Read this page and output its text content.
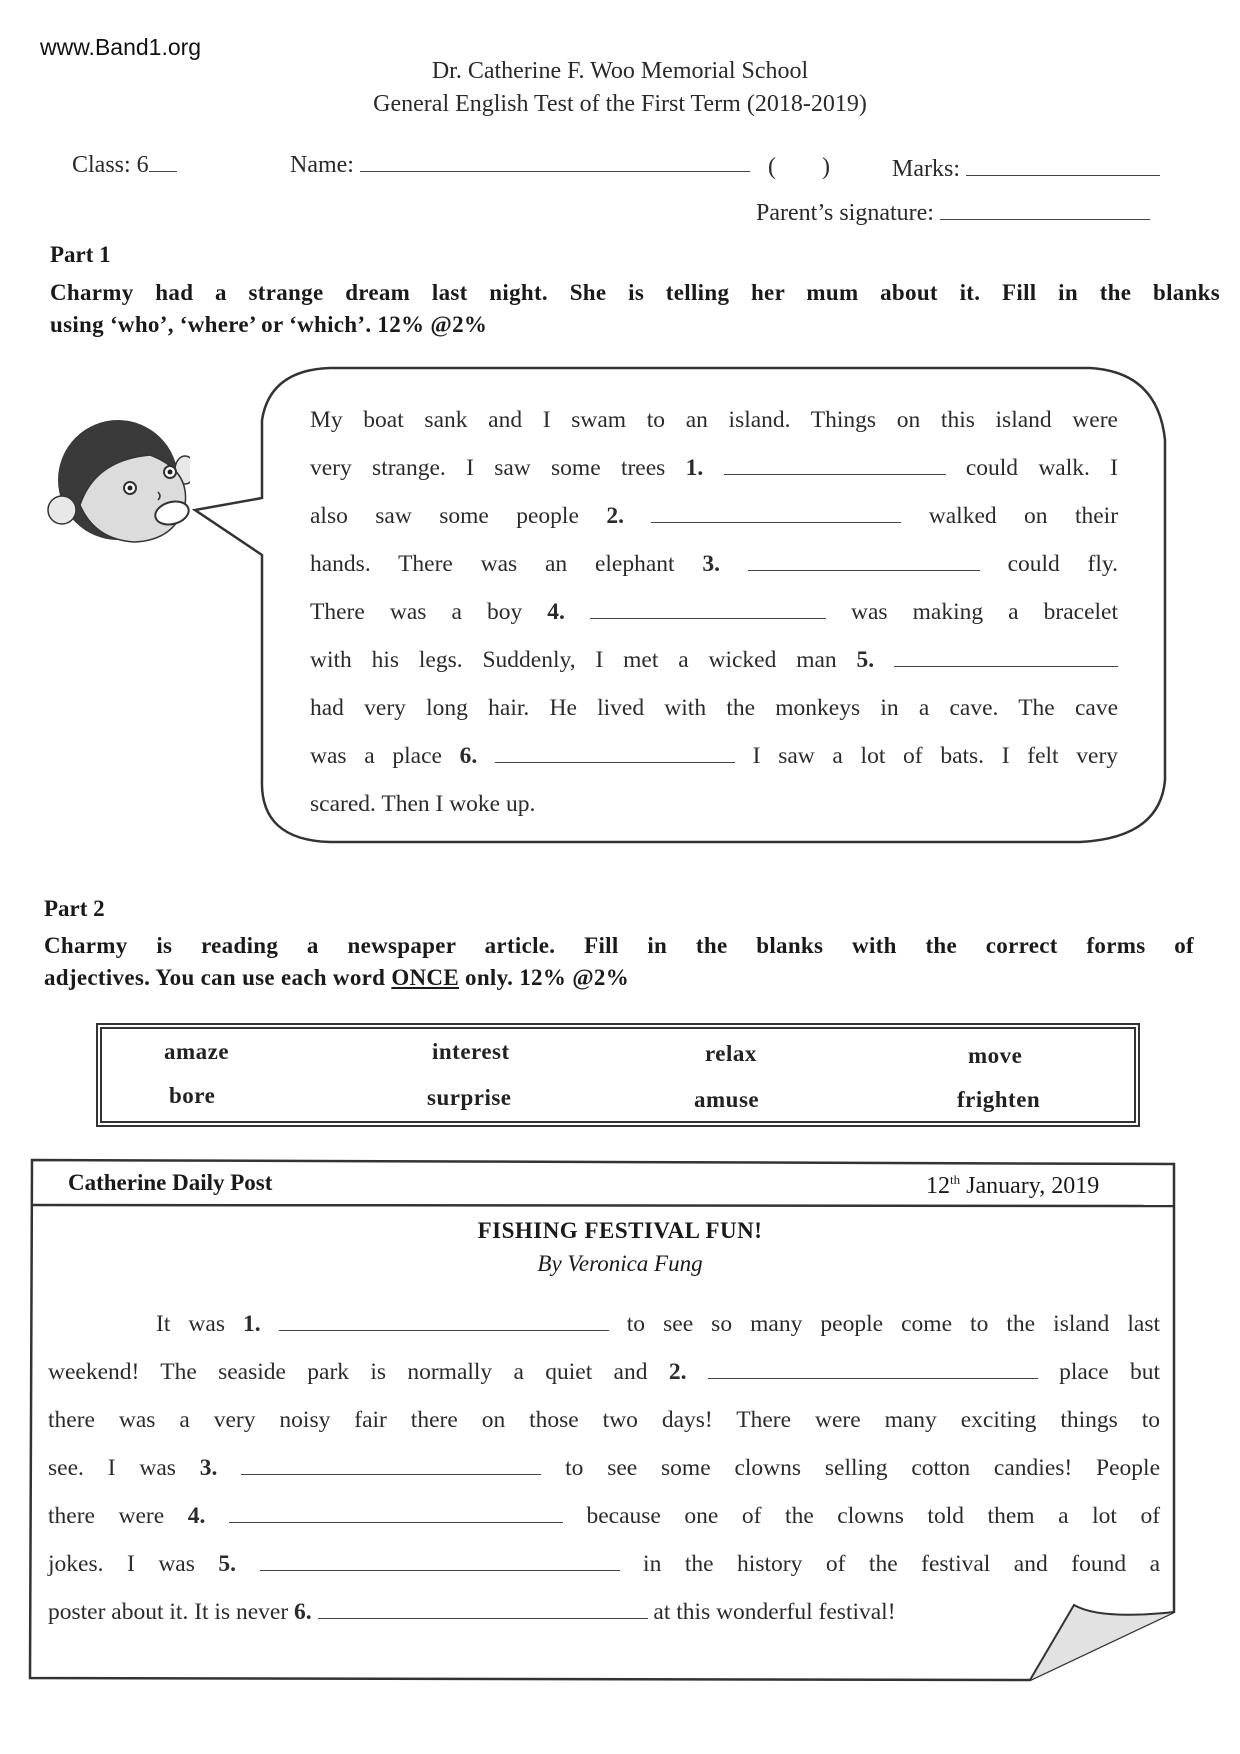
www.Band1.org
Dr. Catherine F. Woo Memorial School
General English Test of the First Term (2018-2019)
Class: 6	Name:	( )	Marks:
Parent’s signature:
Part 1
Charmy had a strange dream last night. She is telling her mum about it. Fill in the blanks
using ‘who’, ‘where’ or ‘which’. 12% @2%

My boat sank and I swam to an island. Things on this island were

very strange. I saw some trees 1.	could walk. I

also saw some people 2.	walked on their

hands. There was an elephant 3.	could fly.

There was a boy 4.	was making a bracelet

with his legs. Suddenly, I met a wicked man 5.

had very long hair. He lived with the monkeys in a cave. The cave

was a place 6.	I saw a lot of bats. I felt very

scared. Then I woke up.

Part 2
Charmy is reading a newspaper article. Fill in the blanks with the correct forms of
adjectives. You can use each word ONCE only. 12% @2%
amaze	interest	relax	move
bore	surprise	amuse	frighten
Catherine Daily Post	12th January, 2019
FISHING FESTIVAL FUN!
By Veronica Fung

It was 1.	to see so many people come to the island last

weekend! The seaside park is normally a quiet and 2.	place but

there was a very noisy fair there on those two days! There were many exciting things to

see. I was 3.	to see some clowns selling cotton candies! People

there were 4.	because one of the clowns told them a lot of

jokes. I was 5.	in the history of the festival and found a

poster about it. It is never 6.	at this wonderful festival!
